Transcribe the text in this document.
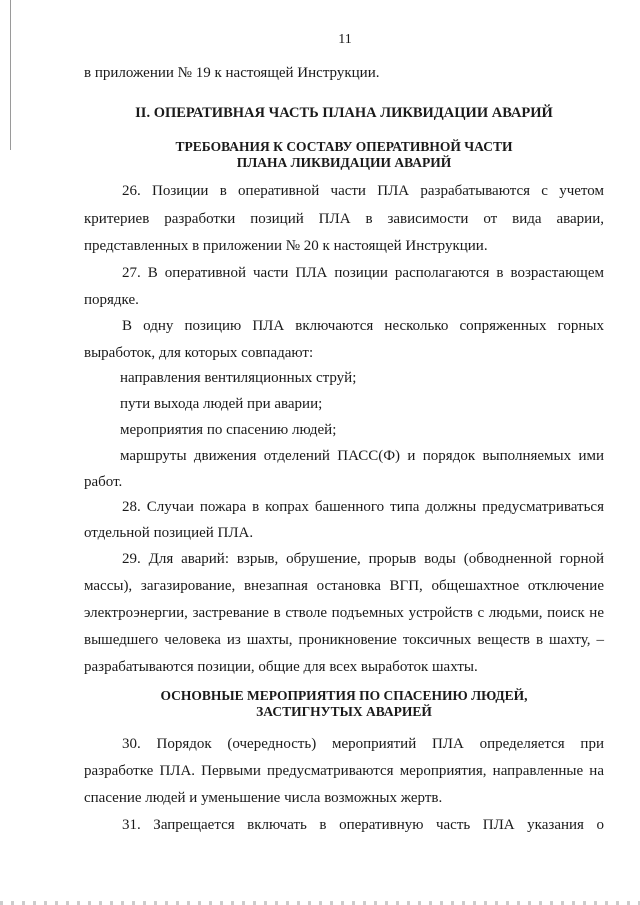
11
в приложении № 19 к настоящей Инструкции.
II. ОПЕРАТИВНАЯ ЧАСТЬ ПЛАНА ЛИКВИДАЦИИ АВАРИЙ
ТРЕБОВАНИЯ К СОСТАВУ ОПЕРАТИВНОЙ ЧАСТИ
ПЛАНА ЛИКВИДАЦИИ АВАРИЙ
26. Позиции в оперативной части ПЛА разрабатываются с учетом
критериев разработки позиций ПЛА в зависимости от вида аварии,
представленных в приложении № 20 к настоящей Инструкции.
27. В оперативной части ПЛА позиции располагаются в возрастающем
порядке.
В одну позицию ПЛА включаются несколько сопряженных горных
выработок, для которых совпадают:
направления вентиляционных струй;
пути выхода людей при аварии;
мероприятия по спасению людей;
маршруты движения отделений ПАСС(Ф) и порядок выполняемых ими
работ.
28. Случаи пожара в копрах башенного типа должны предусматриваться
отдельной позицией ПЛА.
29. Для аварий: взрыв, обрушение, прорыв воды (обводненной горной
массы), загазирование, внезапная остановка ВГП, общешахтное отключение
электроэнергии, застревание в стволе подъемных устройств с людьми, поиск не
вышедшего человека из шахты, проникновение токсичных веществ в шахту, –
разрабатываются позиции, общие для всех выработок шахты.
ОСНОВНЫЕ МЕРОПРИЯТИЯ ПО СПАСЕНИЮ ЛЮДЕЙ,
ЗАСТИГНУТЫХ АВАРИЕЙ
30. Порядок (очередность) мероприятий ПЛА определяется при
разработке ПЛА. Первыми предусматриваются мероприятия, направленные на
спасение людей и уменьшение числа возможных жертв.
31. Запрещается включать в оперативную часть ПЛА указания о
